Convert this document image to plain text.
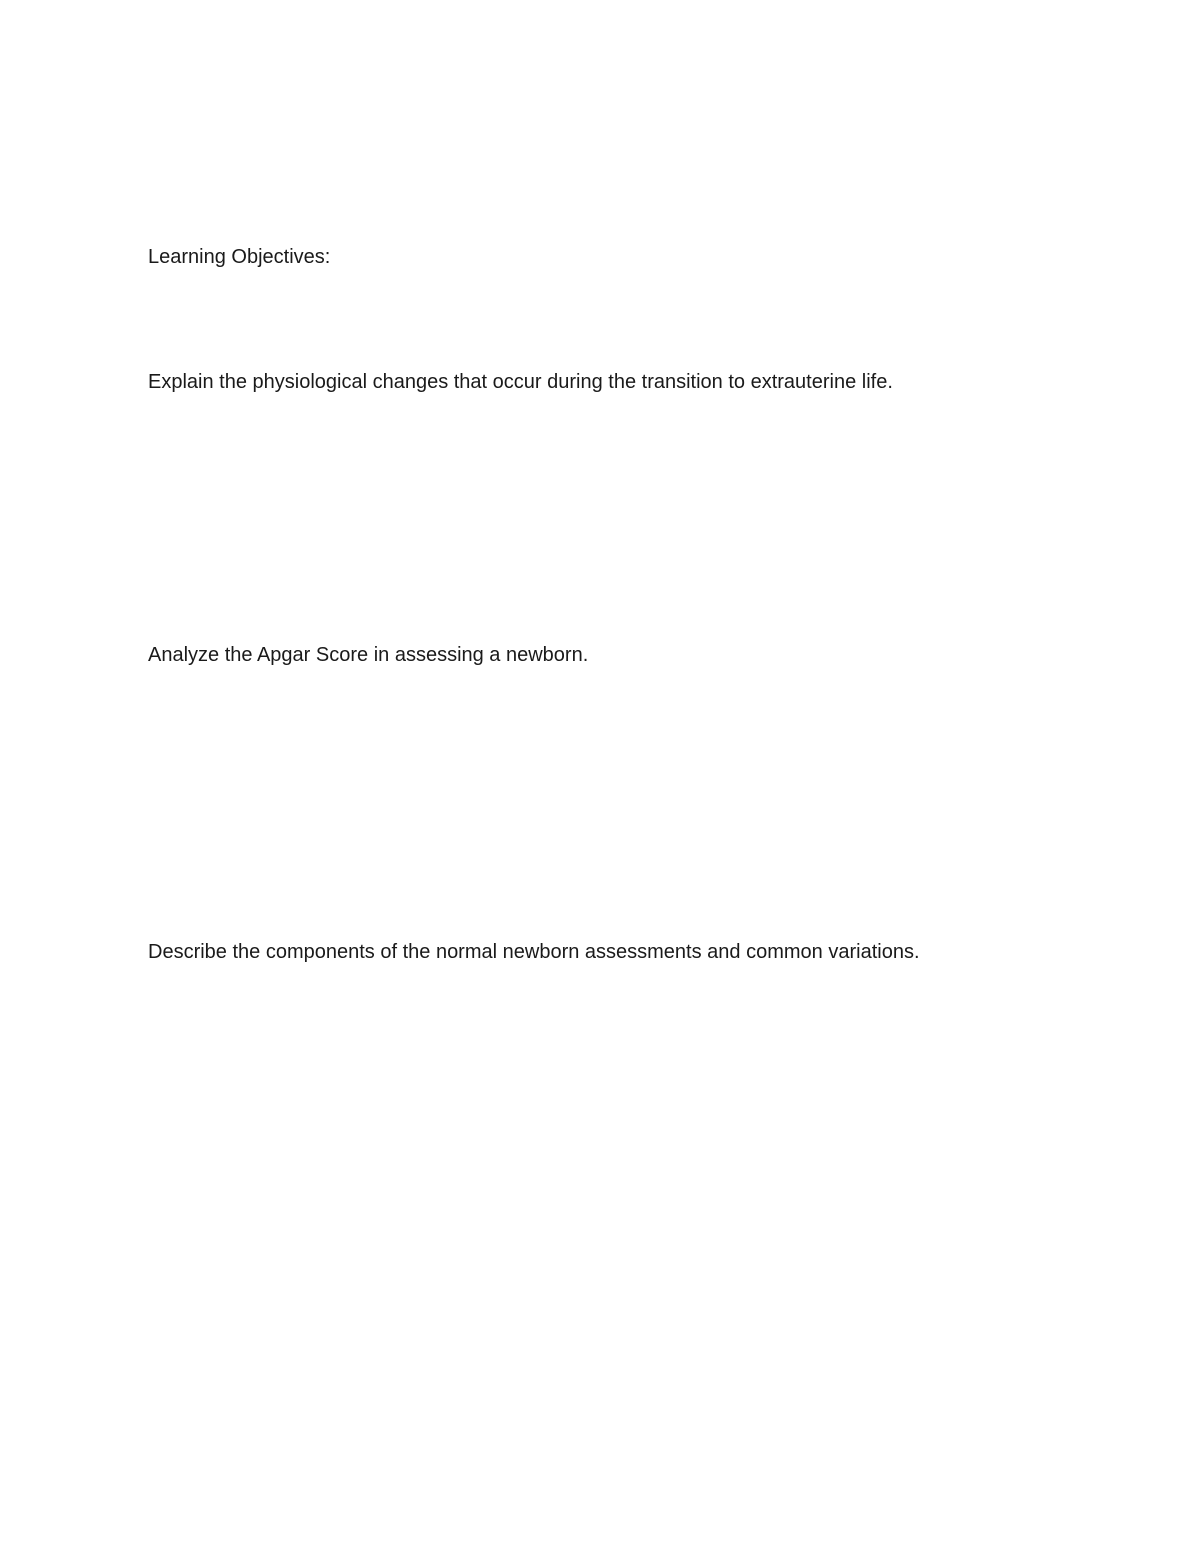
Learning Objectives:

Explain the physiological changes that occur during the transition to extrauterine life.

Analyze the Apgar Score in assessing a newborn.

Describe the components of the normal newborn assessments and common variations.
